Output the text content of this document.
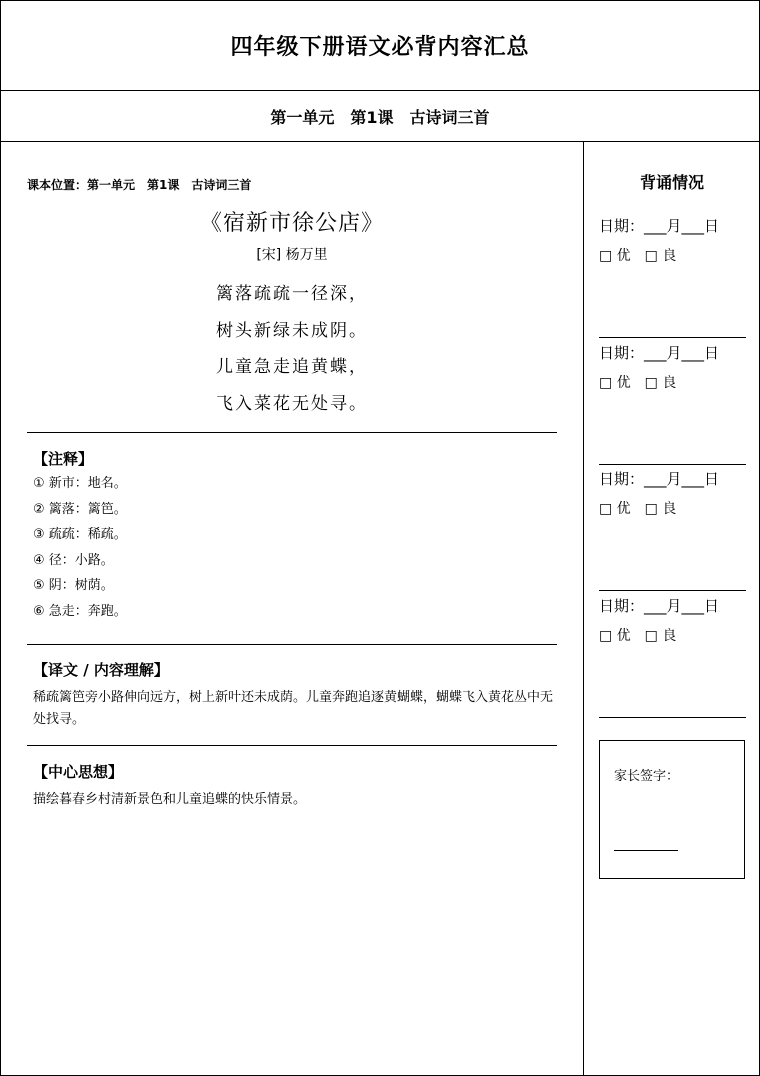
四年级下册语文必背内容汇总
第一单元　第1课　古诗词三首
课本位置：第一单元　第1课　古诗词三首
《宿新市徐公店》
[宋] 杨万里
篱落疏疏一径深，
树头新绿未成阴。
儿童急走追黄蝶，
飞入菜花无处寻。
【注释】
① 新市：地名。
② 篱落：篱笆。
③ 疏疏：稀疏。
④ 径：小路。
⑤ 阴：树荫。
⑥ 急走：奔跑。
【译文 / 内容理解】
稀疏篱笆旁小路伸向远方，树上新叶还未成荫。儿童奔跑追逐黄蝴蝶，蝴蝶飞入黄花丛中无处找寻。
【中心思想】
描绘暮春乡村清新景色和儿童追蝶的快乐情景。
背诵情况
日期：___月___日
□ 优　□ 良
日期：___月___日
□ 优　□ 良
日期：___月___日
□ 优　□ 良
日期：___月___日
□ 优　□ 良
家长签字：
